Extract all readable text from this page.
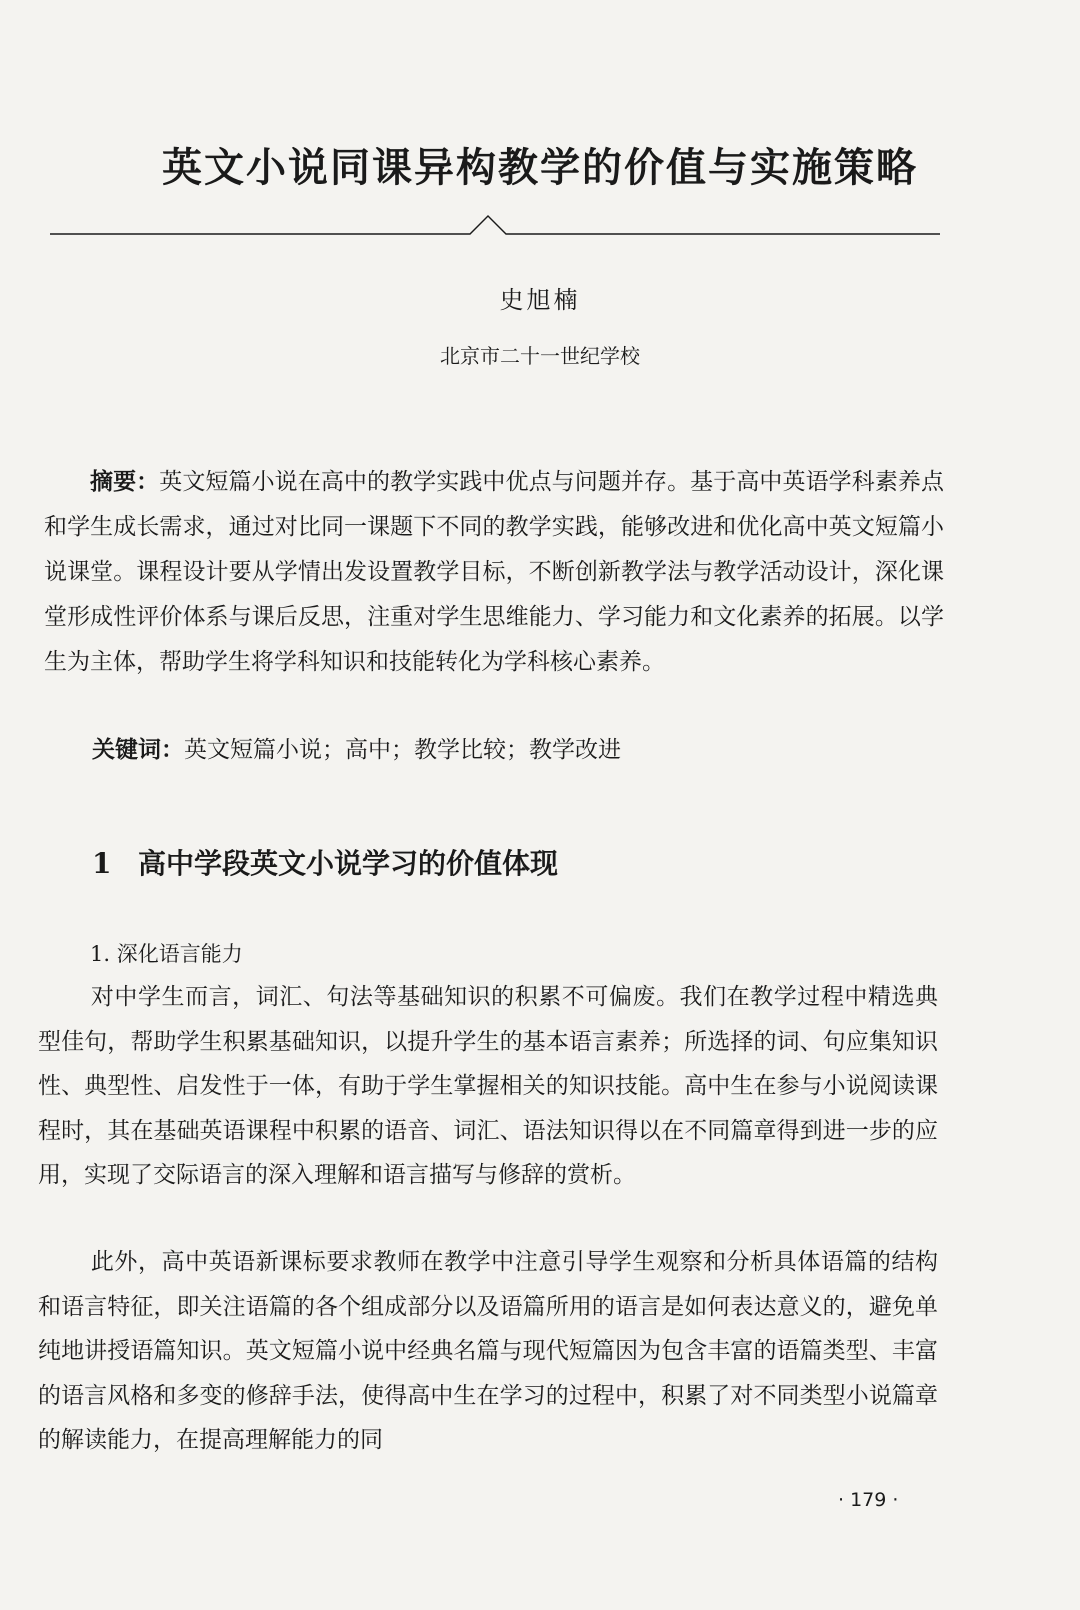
英文小说同课异构教学的价值与实施策略
史旭楠
北京市二十一世纪学校
摘要：英文短篇小说在高中的教学实践中优点与问题并存。基于高中英语学科素养点和学生成长需求，通过对比同一课题下不同的教学实践，能够改进和优化高中英文短篇小说课堂。课程设计要从学情出发设置教学目标，不断创新教学法与教学活动设计，深化课堂形成性评价体系与课后反思，注重对学生思维能力、学习能力和文化素养的拓展。以学生为主体，帮助学生将学科知识和技能转化为学科核心素养。
关键词：英文短篇小说；高中；教学比较；教学改进
1 高中学段英文小说学习的价值体现
1. 深化语言能力

对中学生而言，词汇、句法等基础知识的积累不可偏废。我们在教学过程中精选典型佳句，帮助学生积累基础知识，以提升学生的基本语言素养；所选择的词、句应集知识性、典型性、启发性于一体，有助于学生掌握相关的知识技能。高中生在参与小说阅读课程时，其在基础英语课程中积累的语音、词汇、语法知识得以在不同篇章得到进一步的应用，实现了交际语言的深入理解和语言描写与修辞的赏析。

此外，高中英语新课标要求教师在教学中注意引导学生观察和分析具体语篇的结构和语言特征，即关注语篇的各个组成部分以及语篇所用的语言是如何表达意义的，避免单纯地讲授语篇知识。英文短篇小说中经典名篇与现代短篇因为包含丰富的语篇类型、丰富的语言风格和多变的修辞手法，使得高中生在学习的过程中，积累了对不同类型小说篇章的解读能力，在提高理解能力的同

· 179 ·
